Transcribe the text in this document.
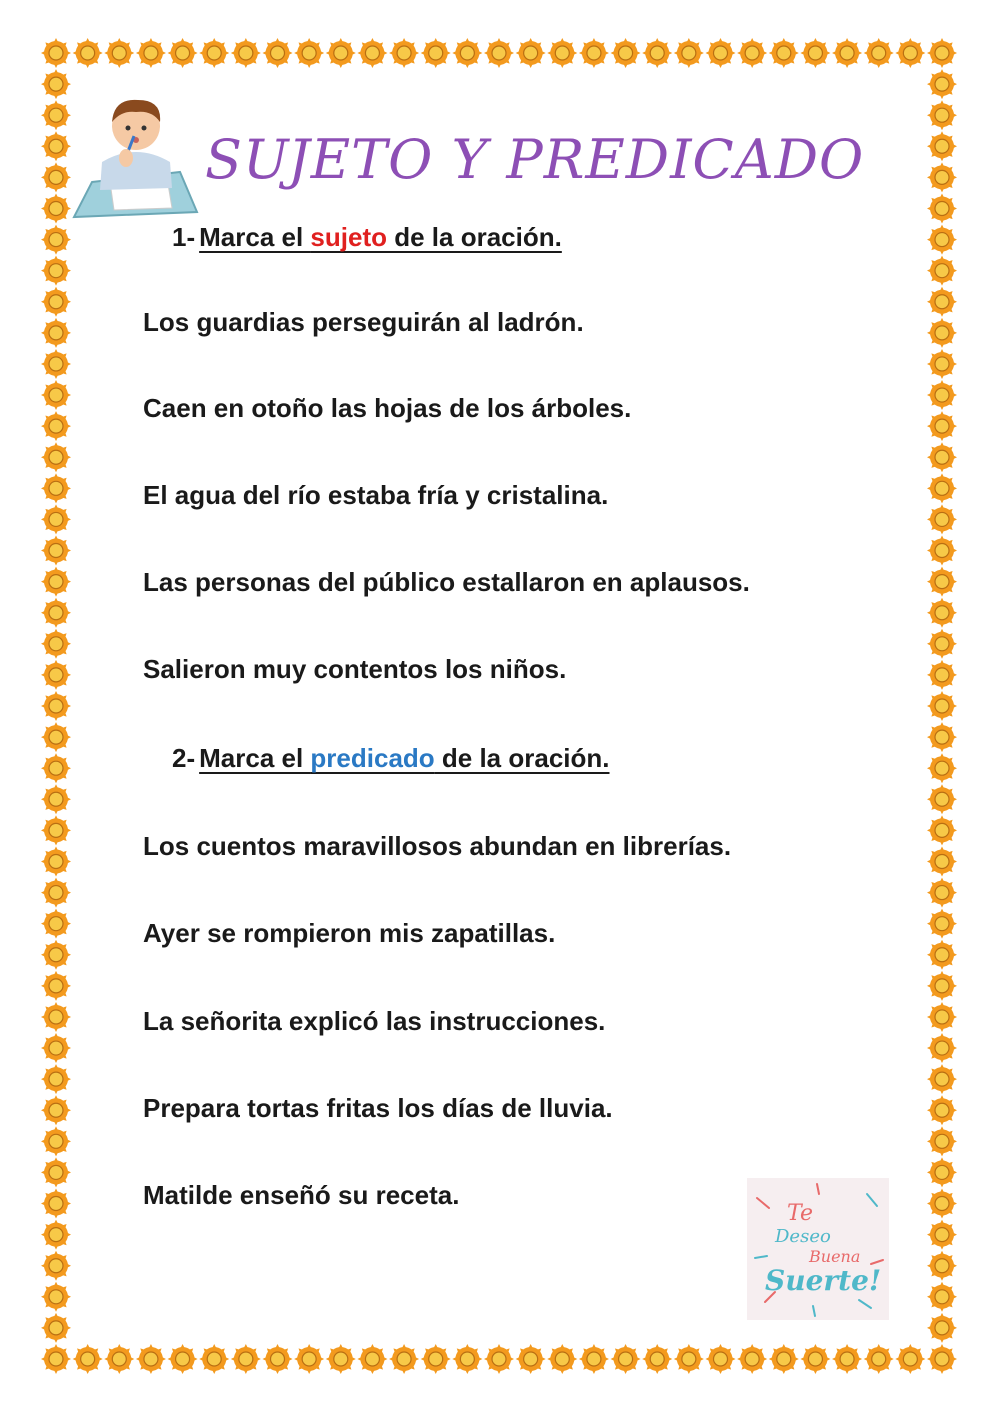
SUJETO Y PREDICADO
1- Marca el sujeto de la oración.
Los guardias perseguirán al ladrón.
Caen en otoño las hojas de los árboles.
El agua del río estaba fría y cristalina.
Las personas del público estallaron en aplausos.
Salieron muy contentos los niños.
2- Marca el predicado de la oración.
Los cuentos maravillosos abundan en librerías.
Ayer se rompieron mis zapatillas.
La señorita explicó las instrucciones.
Prepara tortas fritas los días de lluvia.
Matilde enseñó su receta.
Te
Deseo
Buena
Suerte!
